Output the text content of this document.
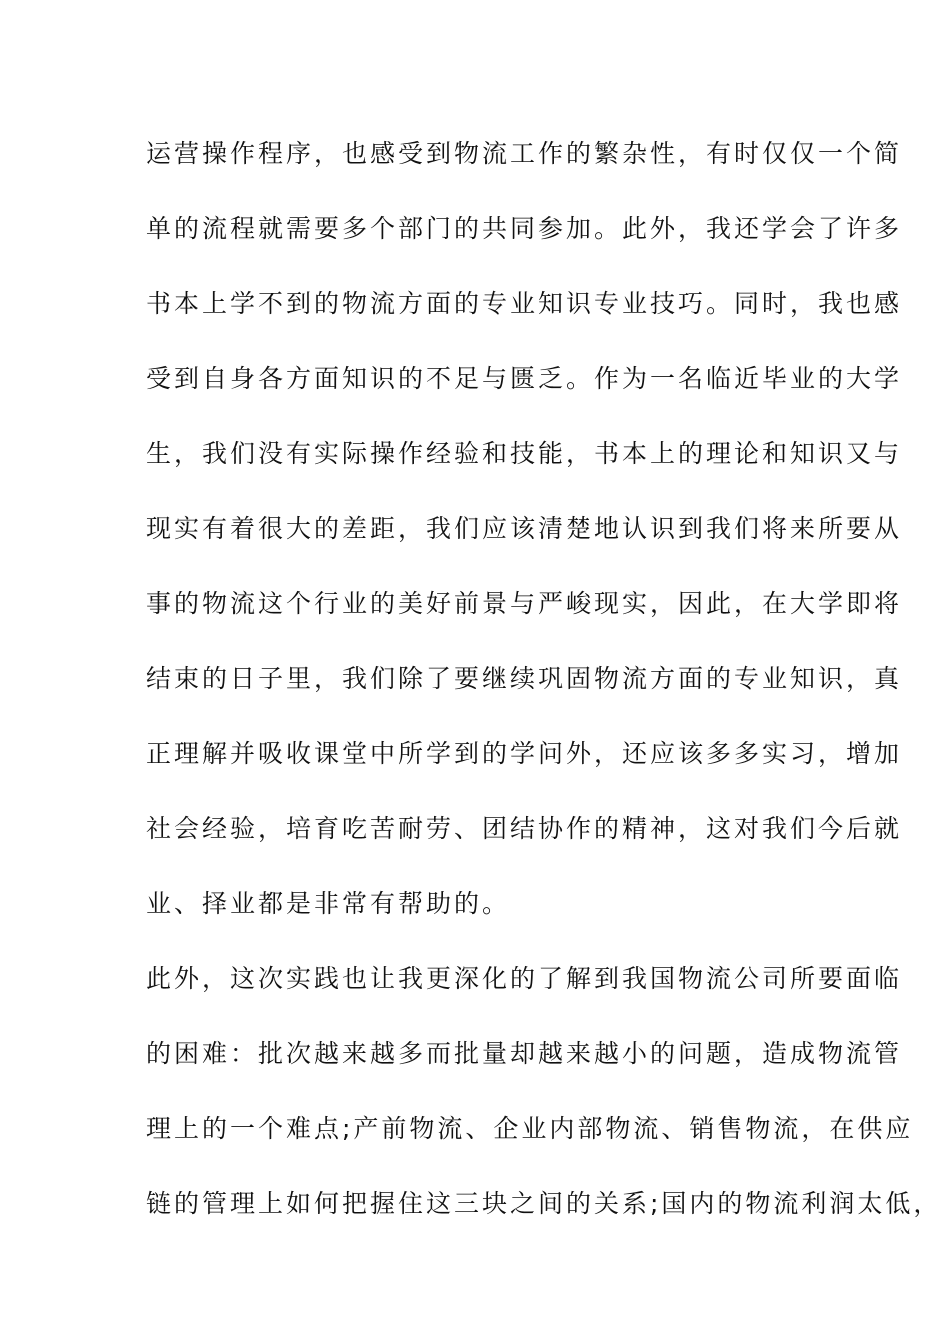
运营操作程序，也感受到物流工作的繁杂性，有时仅仅一个简
单的流程就需要多个部门的共同参加。此外，我还学会了许多
书本上学不到的物流方面的专业知识专业技巧。同时，我也感
受到自身各方面知识的不足与匮乏。作为一名临近毕业的大学
生，我们没有实际操作经验和技能，书本上的理论和知识又与
现实有着很大的差距，我们应该清楚地认识到我们将来所要从
事的物流这个行业的美好前景与严峻现实，因此，在大学即将
结束的日子里，我们除了要继续巩固物流方面的专业知识，真
正理解并吸收课堂中所学到的学问外，还应该多多实习，增加
社会经验，培育吃苦耐劳、团结协作的精神，这对我们今后就
业、择业都是非常有帮助的。
此外，这次实践也让我更深化的了解到我国物流公司所要面临
的困难：批次越来越多而批量却越来越小的问题，造成物流管
理上的一个难点;产前物流、企业内部物流、销售物流，在供应
链的管理上如何把握住这三块之间的关系;国内的物流利润太低，
